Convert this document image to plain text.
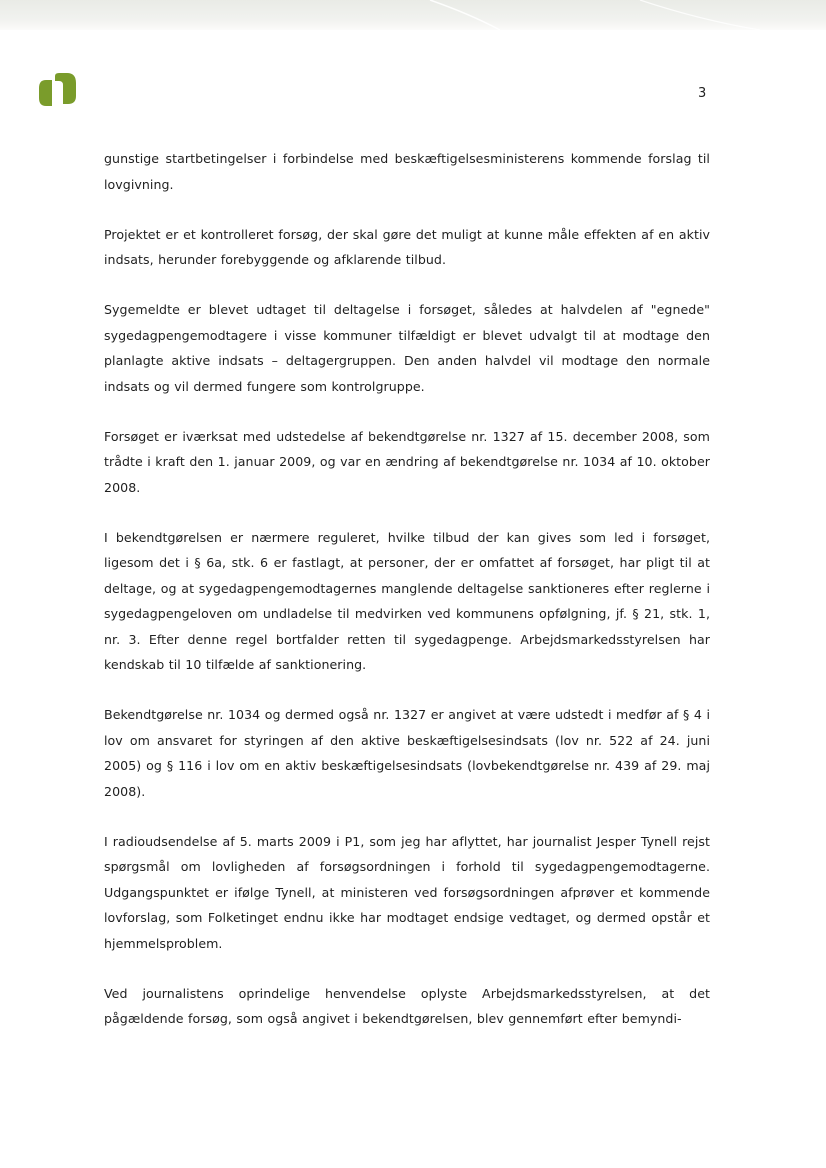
3

gunstige startbetingelser i forbindelse med beskæftigelsesministerens kommende forslag til lovgivning.

Projektet er et kontrolleret forsøg, der skal gøre det muligt at kunne måle effekten af en aktiv indsats, herunder forebyggende og afklarende tilbud.

Sygemeldte er blevet udtaget til deltagelse i forsøget, således at halvdelen af "egnede" sygedagpengemodtagere i visse kommuner tilfældigt er blevet udvalgt til at modtage den planlagte aktive indsats – deltagergruppen. Den anden halvdel vil modtage den normale indsats og vil dermed fungere som kontrolgruppe.

Forsøget er iværksat med udstedelse af bekendtgørelse nr. 1327 af 15. december 2008, som trådte i kraft den 1. januar 2009, og var en ændring af bekendtgørelse nr. 1034 af 10. oktober 2008.

I bekendtgørelsen er nærmere reguleret, hvilke tilbud der kan gives som led i forsøget, ligesom det i § 6a, stk. 6 er fastlagt, at personer, der er omfattet af forsøget, har pligt til at deltage, og at sygedagpengemodtagernes manglende deltagelse sanktioneres efter reglerne i sygedagpengeloven om undladelse til medvirken ved kommunens opfølgning, jf. § 21, stk. 1, nr. 3. Efter denne regel bortfalder retten til sygedagpenge. Arbejdsmarkedsstyrelsen har kendskab til 10 tilfælde af sanktionering.

Bekendtgørelse nr. 1034 og dermed også nr. 1327 er angivet at være udstedt i medfør af § 4 i lov om ansvaret for styringen af den aktive beskæftigelsesindsats (lov nr. 522 af 24. juni 2005) og § 116 i lov om en aktiv beskæftigelsesindsats (lovbekendtgørelse nr. 439 af 29. maj 2008).

I radioudsendelse af 5. marts 2009 i P1, som jeg har aflyttet, har journalist Jesper Tynell rejst spørgsmål om lovligheden af forsøgsordningen i forhold til sygedagpengemodtagerne. Udgangspunktet er ifølge Tynell, at ministeren ved forsøgsordningen afprøver et kommende lovforslag, som Folketinget endnu ikke har modtaget endsige vedtaget, og dermed opstår et hjemmelsproblem.

Ved journalistens oprindelige henvendelse oplyste Arbejdsmarkedsstyrelsen, at det pågældende forsøg, som også angivet i bekendtgørelsen, blev gennemført efter bemyndi-
